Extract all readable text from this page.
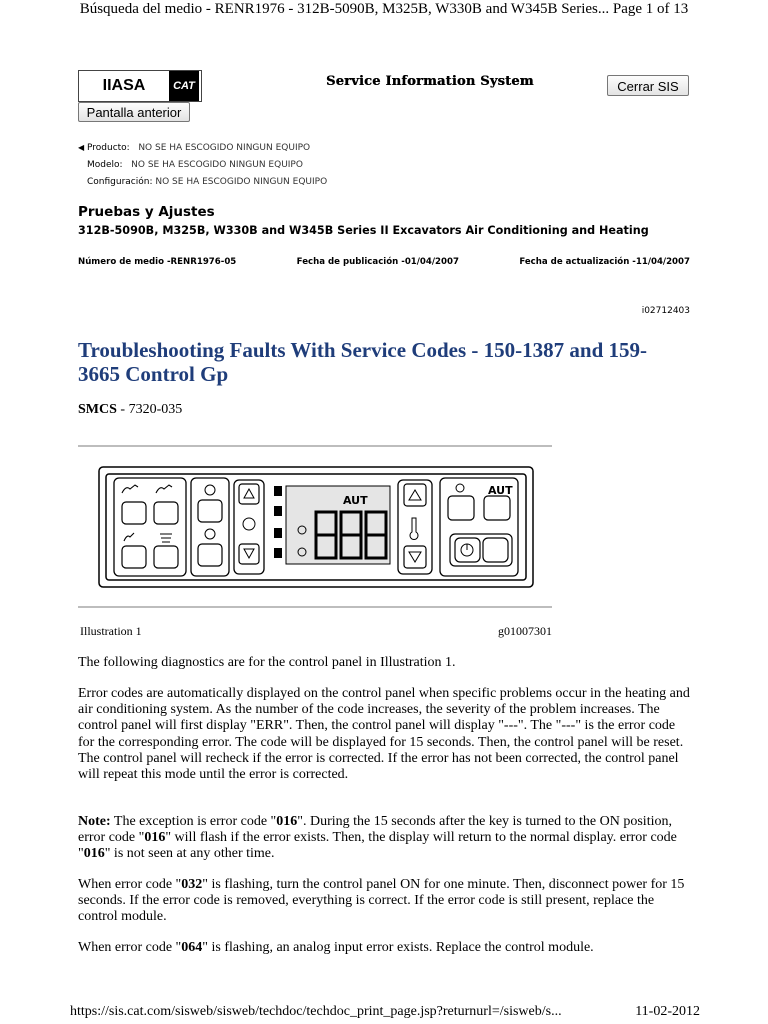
Búsqueda del medio - RENR1976 - 312B-5090B, M325B, W330B and W345B Series... Page 1 of 13
IIASA	CAT
Pantalla anterior
Service Information System	Cerrar SIS
◀ Producto: NO SE HA ESCOGIDO NINGUN EQUIPO
Modelo: NO SE HA ESCOGIDO NINGUN EQUIPO
Configuración: NO SE HA ESCOGIDO NINGUN EQUIPO
Pruebas y Ajustes
312B-5090B, M325B, W330B and W345B Series II Excavators Air Conditioning and Heating
Número de medio -RENR1976-05	Fecha de publicación -01/04/2007	Fecha de actualización -11/04/2007
i02712403
Troubleshooting Faults With Service Codes - 150-1387 and 159-3665 Control Gp
SMCS - 7320-035
AUT
AUT
Illustration 1	g01007301

The following diagnostics are for the control panel in Illustration 1.

Error codes are automatically displayed on the control panel when specific problems occur in the heating and air conditioning system. As the number of the code increases, the severity of the problem increases. The control panel will first display "ERR". Then, the control panel will display "---". The "---" is the error code for the corresponding error. The code will be displayed for 15 seconds. Then, the control panel will be reset. The control panel will recheck if the error is corrected. If the error has not been corrected, the control panel will repeat this mode until the error is corrected.

Note: The exception is error code "016". During the 15 seconds after the key is turned to the ON position, error code "016" will flash if the error exists. Then, the display will return to the normal display. error code "016" is not seen at any other time.

When error code "032" is flashing, turn the control panel ON for one minute. Then, disconnect power for 15 seconds. If the error code is removed, everything is correct. If the error code is still present, replace the control module.

When error code "064" is flashing, an analog input error exists. Replace the control module.

https://sis.cat.com/sisweb/sisweb/techdoc/techdoc_print_page.jsp?returnurl=/sisweb/s...	11-02-2012
